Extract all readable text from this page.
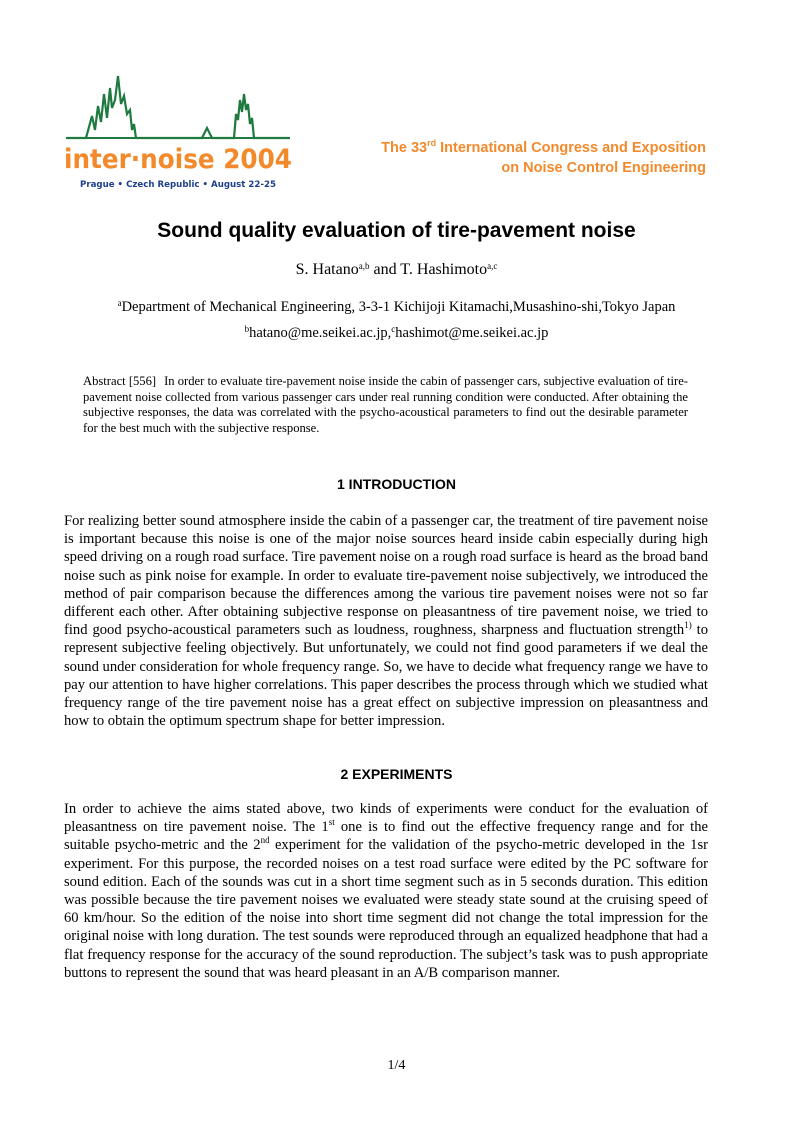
inter·noise 2004
Prague • Czech Republic • August 22-25
The 33rd International Congress and Exposition
on Noise Control Engineering
Sound quality evaluation of tire-pavement noise
S. Hatano$^{a,b}$ and T. Hashimoto$^{a,c}$
$^a$Department of Mechanical Engineering, 3-3-1 Kichijoji Kitamachi,Musashino-shi,Tokyo Japan
$^b$hatano@me.seikei.ac.jp,$^c$hashimot@me.seikei.ac.jp

Abstract [556] In order to evaluate tire-pavement noise inside the cabin of passenger cars, subjective evaluation of tire-pavement noise collected from various passenger cars under real running condition were conducted. After obtaining the subjective responses, the data was correlated with the psycho-acoustical parameters to find out the desirable parameter for the best much with the subjective response.

1 INTRODUCTION

For realizing better sound atmosphere inside the cabin of a passenger car, the treatment of tire pavement noise is important because this noise is one of the major noise sources heard inside cabin especially during high speed driving on a rough road surface. Tire pavement noise on a rough road surface is heard as the broad band noise such as pink noise for example. In order to evaluate tire-pavement noise subjectively, we introduced the method of pair comparison because the differences among the various tire pavement noises were not so far different each other. After obtaining subjective response on pleasantness of tire pavement noise, we tried to find good psycho-acoustical parameters such as loudness, roughness, sharpness and fluctuation strength$^{1)}$ to represent subjective feeling objectively. But unfortunately, we could not find good parameters if we deal the sound under consideration for whole frequency range. So, we have to decide what frequency range we have to pay our attention to have higher correlations. This paper describes the process through which we studied what frequency range of the tire pavement noise has a great effect on subjective impression on pleasantness and how to obtain the optimum spectrum shape for better impression.

2 EXPERIMENTS

In order to achieve the aims stated above, two kinds of experiments were conduct for the evaluation of pleasantness on tire pavement noise. The 1st one is to find out the effective frequency range and for the suitable psycho-metric and the 2nd experiment for the validation of the psycho-metric developed in the 1sr experiment. For this purpose, the recorded noises on a test road surface were edited by the PC software for sound edition. Each of the sounds was cut in a short time segment such as in 5 seconds duration. This edition was possible because the tire pavement noises we evaluated were steady state sound at the cruising speed of 60 km/hour. So the edition of the noise into short time segment did not change the total impression for the original noise with long duration. The test sounds were reproduced through an equalized headphone that had a flat frequency response for the accuracy of the sound reproduction. The subject’s task was to push appropriate buttons to represent the sound that was heard pleasant in an A/B comparison manner.

1/4
